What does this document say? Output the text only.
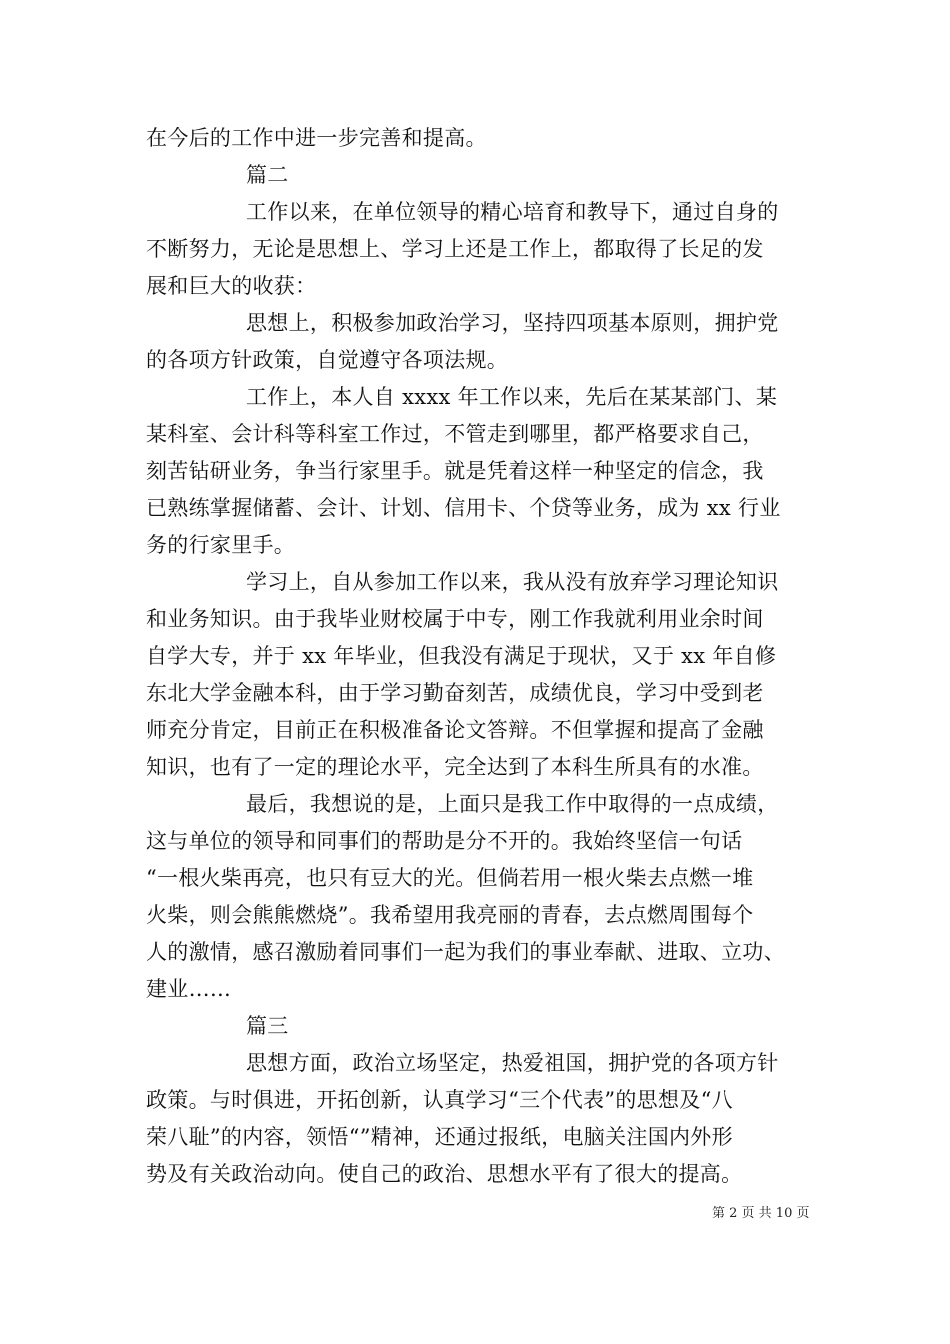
在今后的工作中进一步完善和提高。

篇二

工作以来，在单位领导的精心培育和教导下，通过自身的

不断努力，无论是思想上、学习上还是工作上，都取得了长足的发

展和巨大的收获：

思想上，积极参加政治学习，坚持四项基本原则，拥护党

的各项方针政策，自觉遵守各项法规。

工作上，本人自 xxxx 年工作以来，先后在某某部门、某

某科室、会计科等科室工作过，不管走到哪里，都严格要求自己，

刻苦钻研业务，争当行家里手。就是凭着这样一种坚定的信念，我

已熟练掌握储蓄、会计、计划、信用卡、个贷等业务，成为 xx 行业

务的行家里手。

学习上，自从参加工作以来，我从没有放弃学习理论知识

和业务知识。由于我毕业财校属于中专，刚工作我就利用业余时间

自学大专，并于 xx 年毕业，但我没有满足于现状，又于 xx 年自修

东北大学金融本科，由于学习勤奋刻苦，成绩优良，学习中受到老

师充分肯定，目前正在积极准备论文答辩。不但掌握和提高了金融

知识，也有了一定的理论水平，完全达到了本科生所具有的水准。

最后，我想说的是，上面只是我工作中取得的一点成绩，

这与单位的领导和同事们的帮助是分不开的。我始终坚信一句话

“一根火柴再亮，也只有豆大的光。但倘若用一根火柴去点燃一堆

火柴，则会熊熊燃烧”。我希望用我亮丽的青春，去点燃周围每个

人的激情，感召激励着同事们一起为我们的事业奉献、进取、立功、

建业……

篇三

思想方面，政治立场坚定，热爱祖国，拥护党的各项方针

政策。与时俱进，开拓创新，认真学习“三个代表”的思想及“八

荣八耻”的内容，领悟“”精神，还通过报纸，电脑关注国内外形

势及有关政治动向。使自己的政治、思想水平有了很大的提高。

第 2 页 共 10 页
